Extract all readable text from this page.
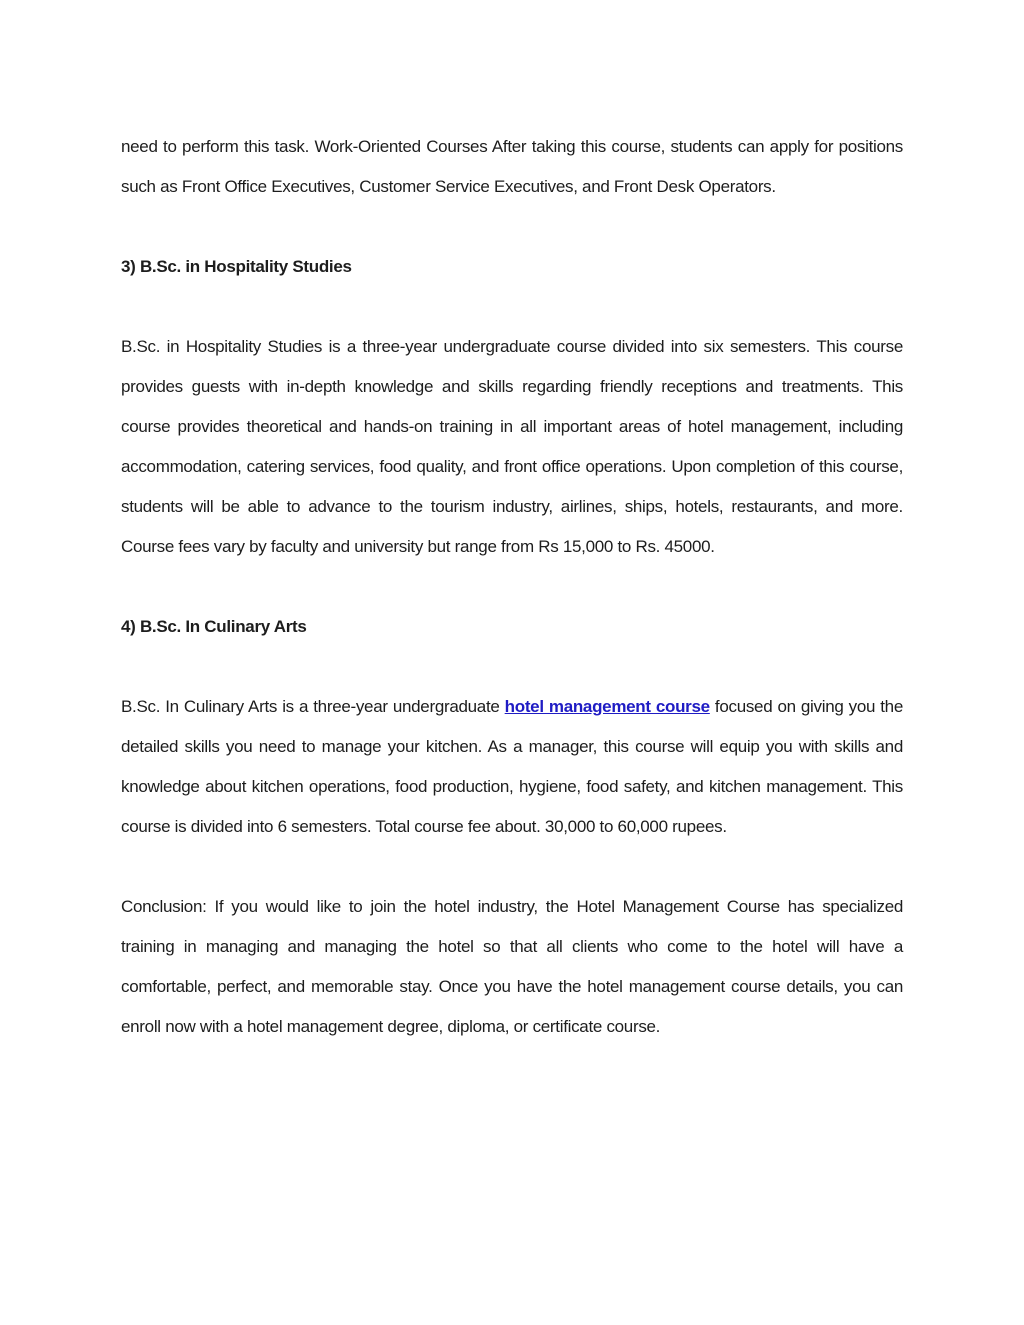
need to perform this task. Work-Oriented Courses After taking this course, students can apply for positions such as Front Office Executives, Customer Service Executives, and Front Desk Operators.

3) B.Sc. in Hospitality Studies

B.Sc. in Hospitality Studies is a three-year undergraduate course divided into six semesters. This course provides guests with in-depth knowledge and skills regarding friendly receptions and treatments. This course provides theoretical and hands-on training in all important areas of hotel management, including accommodation, catering services, food quality, and front office operations. Upon completion of this course, students will be able to advance to the tourism industry, airlines, ships, hotels, restaurants, and more. Course fees vary by faculty and university but range from Rs 15,000 to Rs. 45000.

4) B.Sc. In Culinary Arts

B.Sc. In Culinary Arts is a three-year undergraduate hotel management course focused on giving you the detailed skills you need to manage your kitchen. As a manager, this course will equip you with skills and knowledge about kitchen operations, food production, hygiene, food safety, and kitchen management. This course is divided into 6 semesters. Total course fee about. 30,000 to 60,000 rupees.

Conclusion: If you would like to join the hotel industry, the Hotel Management Course has specialized training in managing and managing the hotel so that all clients who come to the hotel will have a comfortable, perfect, and memorable stay. Once you have the hotel management course details, you can enroll now with a hotel management degree, diploma, or certificate course.
